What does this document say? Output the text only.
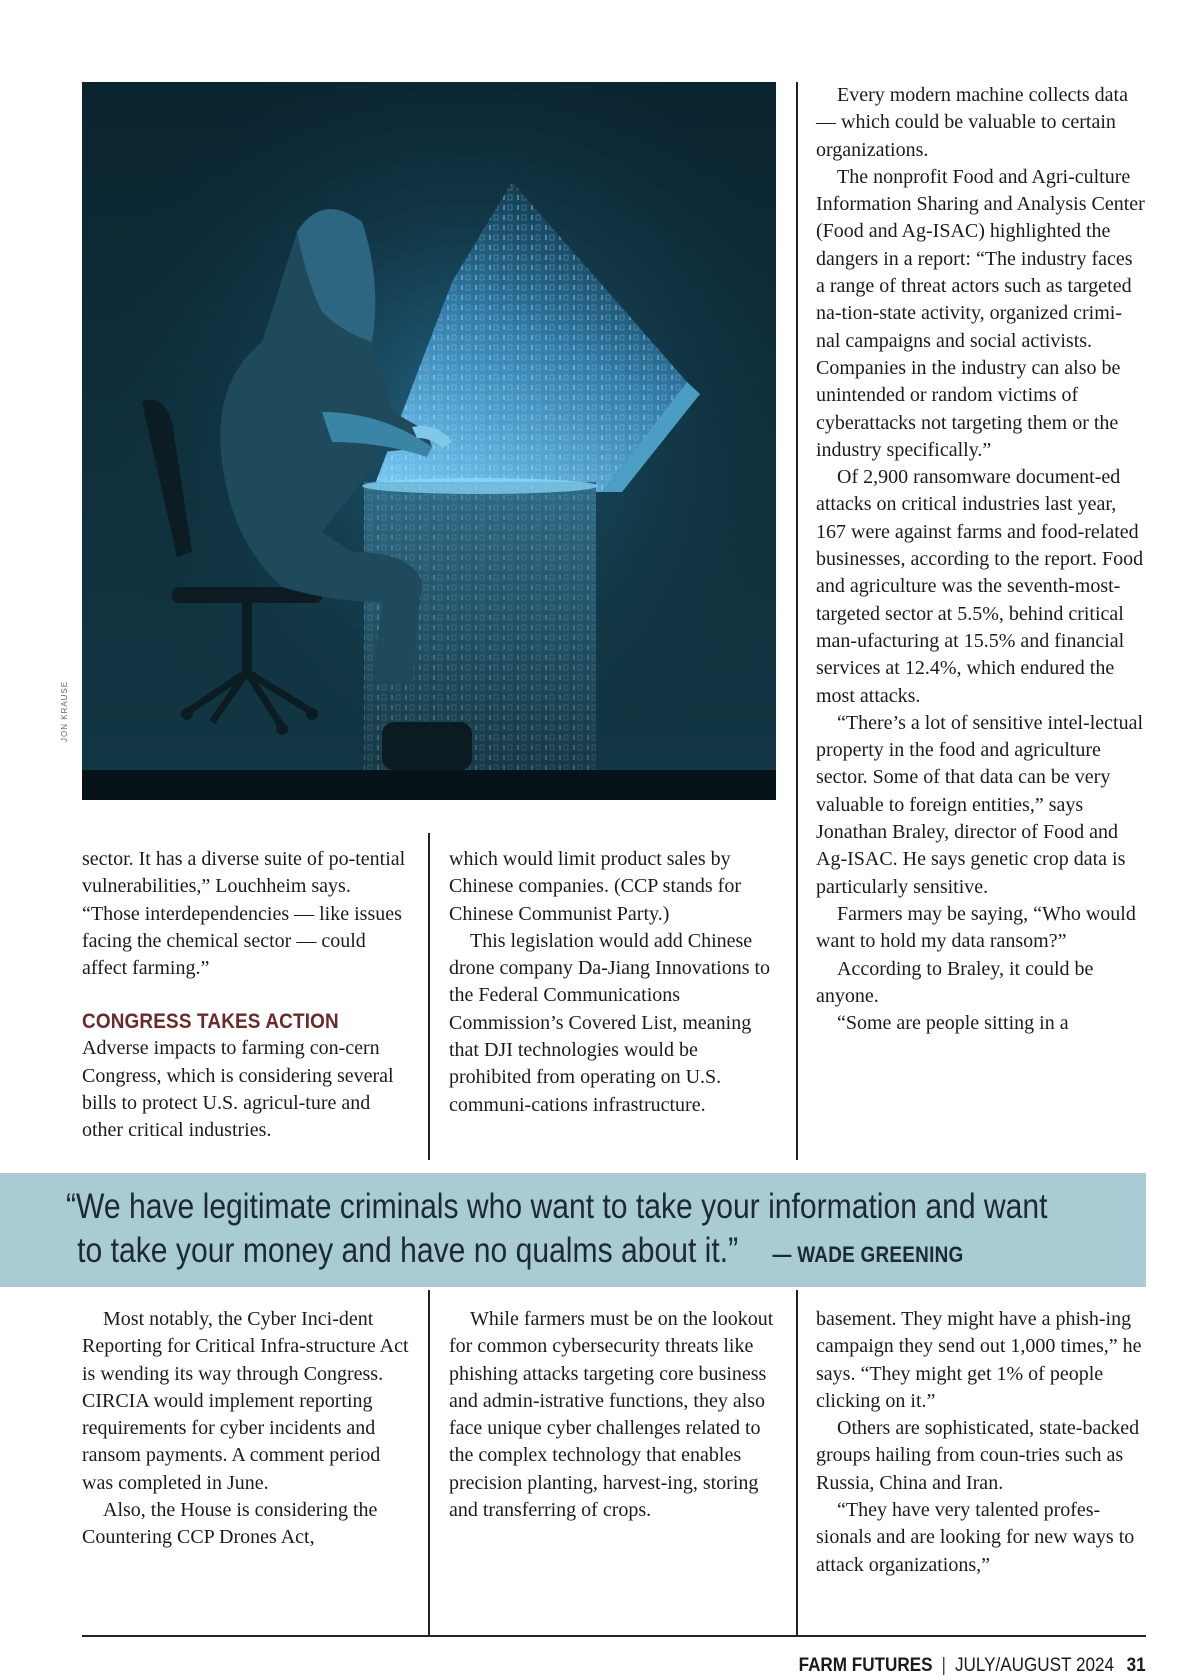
JON KRAUSE

sector. It has a diverse suite of po-tential vulnerabilities,” Louchheim says. “Those interdependencies — like issues facing the chemical sector — could affect farming.”

CONGRESS TAKES ACTION

Adverse impacts to farming con-cern Congress, which is considering several bills to protect U.S. agricul-ture and other critical industries.

which would limit product sales by Chinese companies. (CCP stands for Chinese Communist Party.)

This legislation would add Chinese drone company Da-Jiang Innovations to the Federal Communications Commission’s Covered List, meaning that DJI technologies would be prohibited from operating on U.S. communi-cations infrastructure.

Every modern machine collects data — which could be valuable to certain organizations.

The nonprofit Food and Agri-culture Information Sharing and Analysis Center (Food and Ag-ISAC) highlighted the dangers in a report: “The industry faces a range of threat actors such as targeted na-tion-state activity, organized crimi-nal campaigns and social activists. Companies in the industry can also be unintended or random victims of cyberattacks not targeting them or the industry specifically.”

Of 2,900 ransomware document-ed attacks on critical industries last year, 167 were against farms and food-related businesses, according to the report. Food and agriculture was the seventh-most-targeted sector at 5.5%, behind critical man-ufacturing at 15.5% and financial services at 12.4%, which endured the most attacks.

“There’s a lot of sensitive intel-lectual property in the food and agriculture sector. Some of that data can be very valuable to foreign entities,” says Jonathan Braley, director of Food and Ag-ISAC. He says genetic crop data is particularly sensitive.

Farmers may be saying, “Who would want to hold my data ransom?”

According to Braley, it could be anyone.

“Some are people sitting in a

“We have legitimate criminals who want to take your information and want
to take your money and have no qualms about it.” — WADE GREENING

Most notably, the Cyber Inci-dent Reporting for Critical Infra-structure Act is wending its way through Congress. CIRCIA would implement reporting requirements for cyber incidents and ransom payments. A comment period was completed in June.

Also, the House is considering the Countering CCP Drones Act,

While farmers must be on the lookout for common cybersecurity threats like phishing attacks targeting core business and admin-istrative functions, they also face unique cyber challenges related to the complex technology that enables precision planting, harvest-ing, storing and transferring of crops.

basement. They might have a phish-ing campaign they send out 1,000 times,” he says. “They might get 1% of people clicking on it.”

Others are sophisticated, state-backed groups hailing from coun-tries such as Russia, China and Iran.

“They have very talented profes-sionals and are looking for new ways to attack organizations,”

FARM FUTURES | JULY/AUGUST 2024 31
